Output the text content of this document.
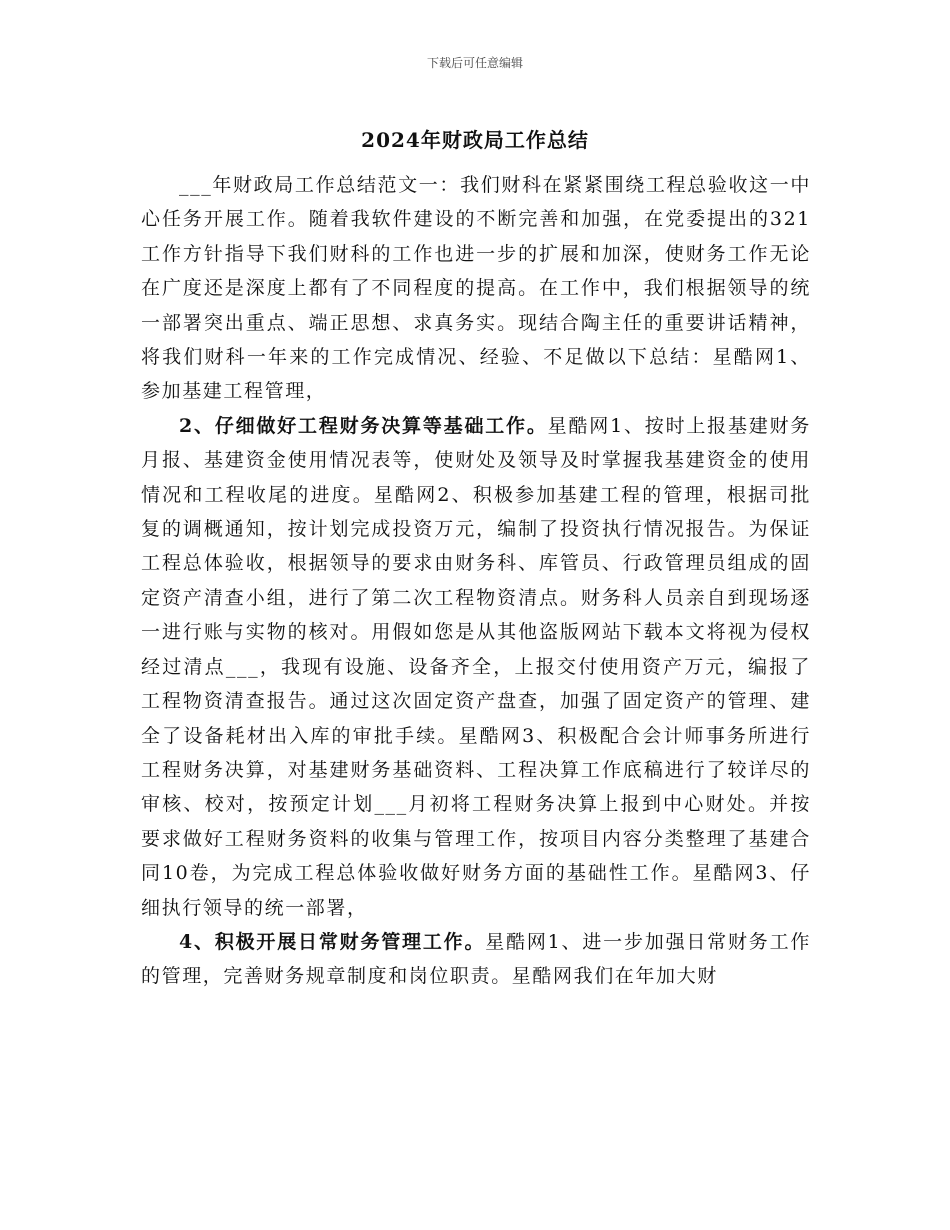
下载后可任意编辑
2024年财政局工作总结

___年财政局工作总结范文一：我们财科在紧紧围绕工程总验收这一中心任务开展工作。随着我软件建设的不断完善和加强，在党委提出的321工作方针指导下我们财科的工作也进一步的扩展和加深，使财务工作无论在广度还是深度上都有了不同程度的提高。在工作中，我们根据领导的统一部署突出重点、端正思想、求真务实。现结合陶主任的重要讲话精神，将我们财科一年来的工作完成情况、经验、不足做以下总结：星酷网1、参加基建工程管理，

2、仔细做好工程财务决算等基础工作。星酷网1、按时上报基建财务月报、基建资金使用情况表等，使财处及领导及时掌握我基建资金的使用情况和工程收尾的进度。星酷网2、积极参加基建工程的管理，根据司批复的调概通知，按计划完成投资万元，编制了投资执行情况报告。为保证工程总体验收，根据领导的要求由财务科、库管员、行政管理员组成的固定资产清查小组，进行了第二次工程物资清点。财务科人员亲自到现场逐一进行账与实物的核对。用假如您是从其他盗版网站下载本文将视为侵权经过清点___，我现有设施、设备齐全，上报交付使用资产万元，编报了工程物资清查报告。通过这次固定资产盘查，加强了固定资产的管理、建全了设备耗材出入库的审批手续。星酷网3、积极配合会计师事务所进行工程财务决算，对基建财务基础资料、工程决算工作底稿进行了较详尽的审核、校对，按预定计划___月初将工程财务决算上报到中心财处。并按要求做好工程财务资料的收集与管理工作，按项目内容分类整理了基建合同10卷，为完成工程总体验收做好财务方面的基础性工作。星酷网3、仔细执行领导的统一部署，

4、积极开展日常财务管理工作。星酷网1、进一步加强日常财务工作的管理，完善财务规章制度和岗位职责。星酷网我们在年加大财
